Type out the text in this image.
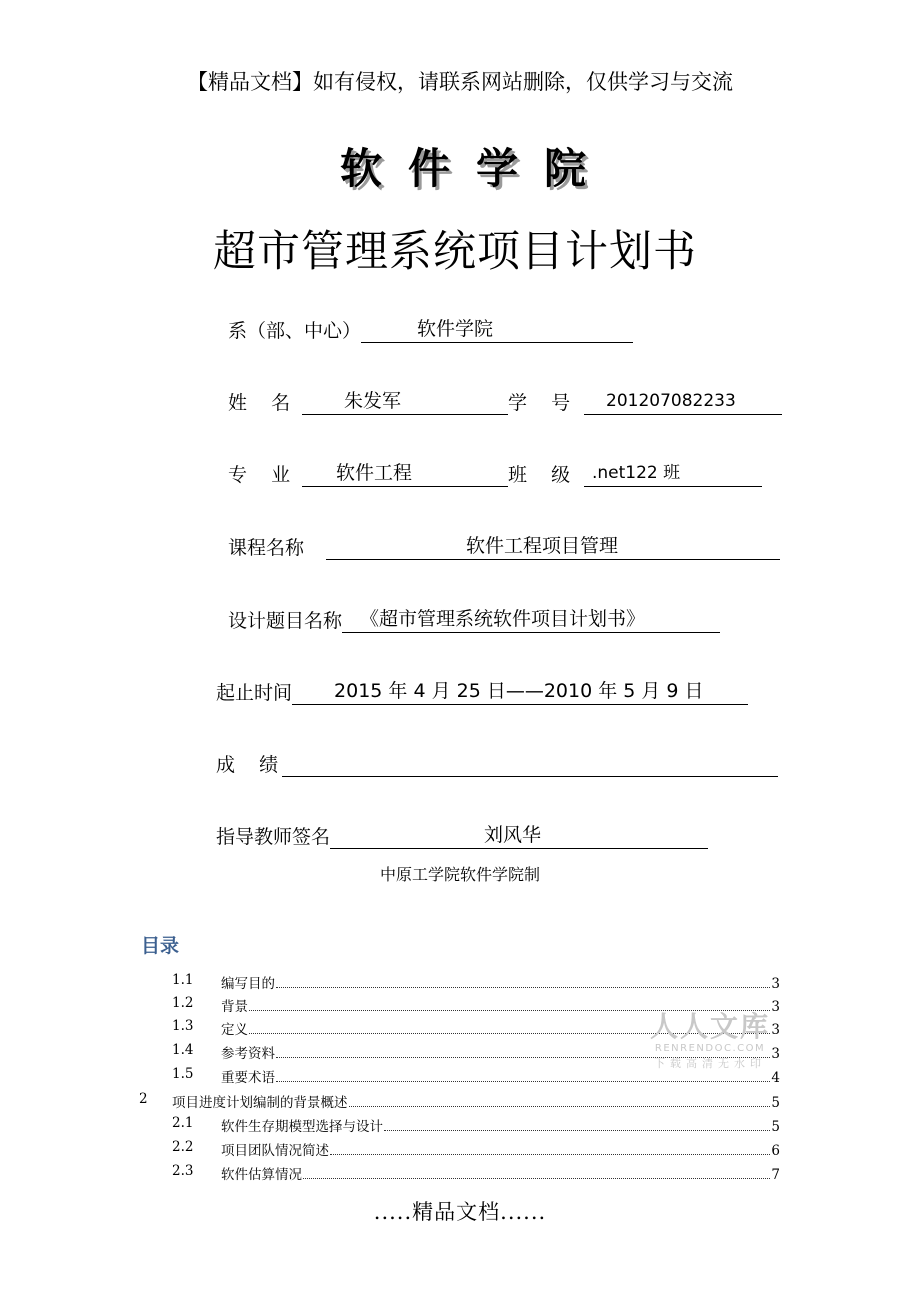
【精品文档】如有侵权，请联系网站删除，仅供学习与交流
软件学院
超市管理系统项目计划书
系（部、中心）	软件学院
姓    名	朱发军	学    号	201207082233
专    业	软件工程	班    级	.net122 班
课程名称	软件工程项目管理
设计题目名称 《超市管理系统软件项目计划书》
起止时间 2015 年 4 月 25 日——2010 年 5 月 9 日
成    绩
指导教师签名	刘风华
中原工学院软件学院制
目录
1.1 编写目的	3
1.2 背景	3
1.3 定义	3
1.4 参考资料	3
1.5 重要术语	4
2 项目进度计划编制的背景概述	5
2.1 软件生存期模型选择与设计	5
2.2 项目团队情况简述	6
2.3 软件估算情况	7
人人文库
RENRENDOC.COM
下载高清无水印
.....精品文档......
